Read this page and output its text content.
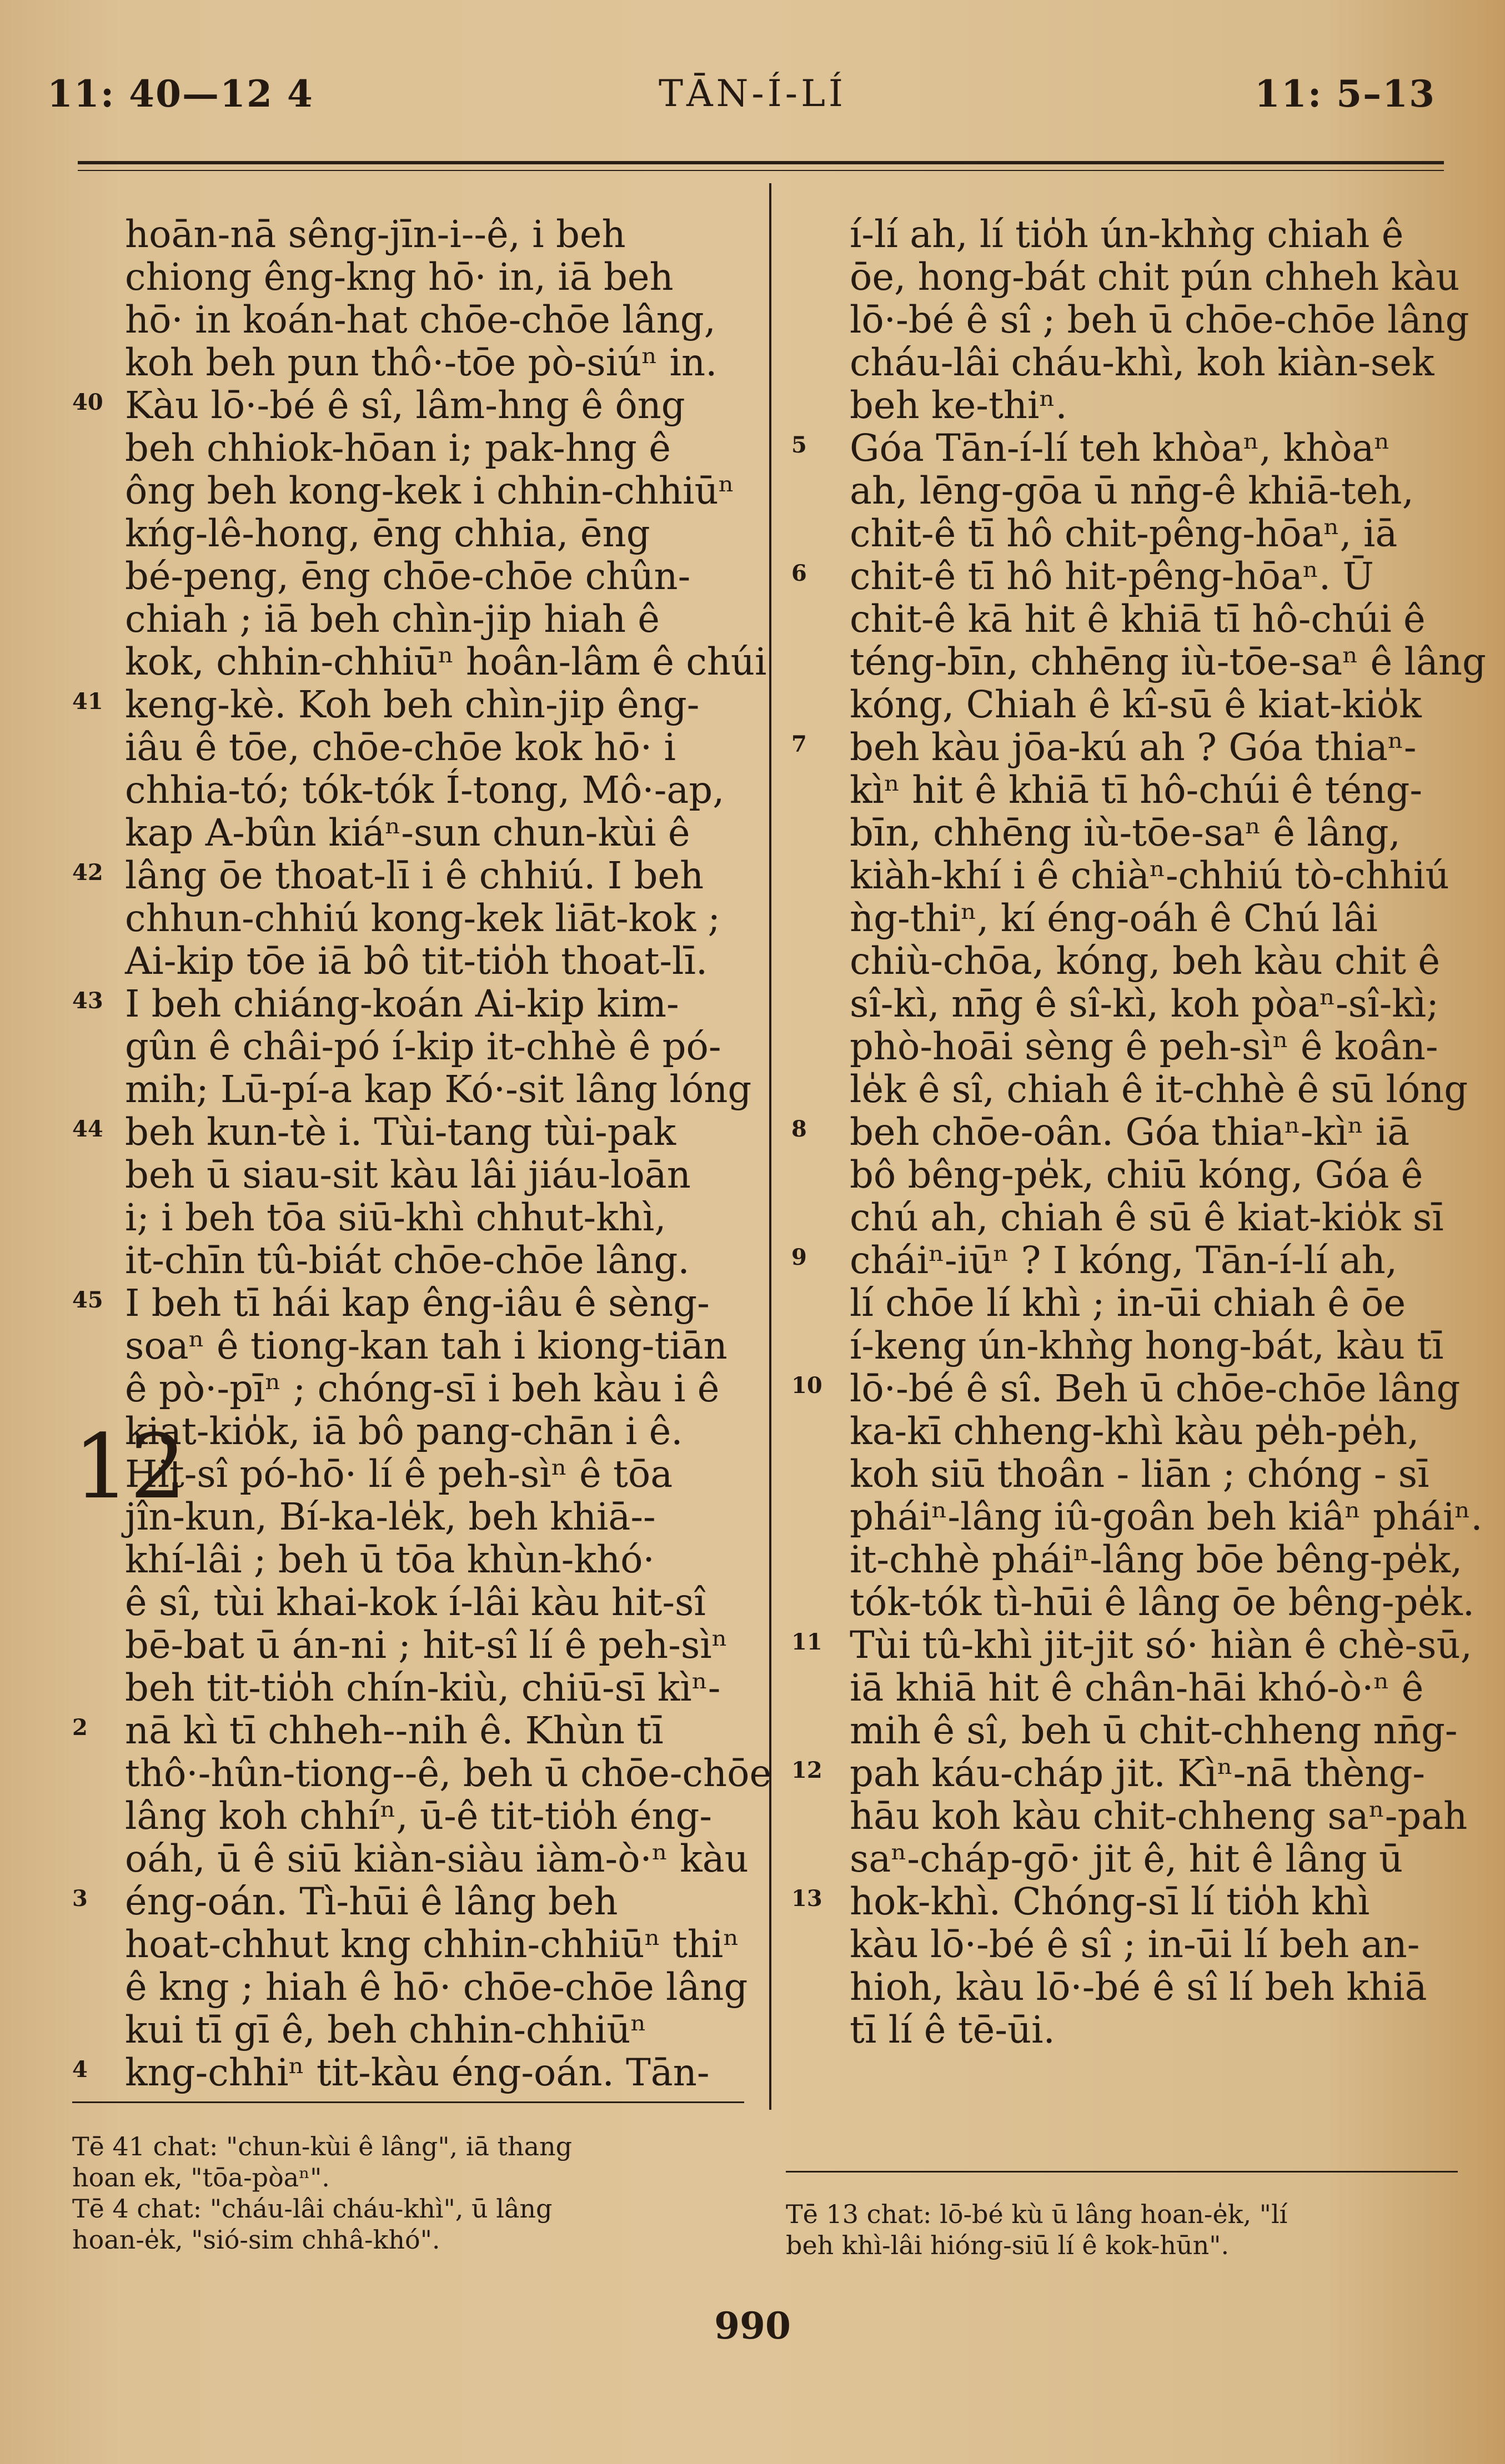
11: 40—12 4	TĀN-Í-LÍ	11: 5–13
hoān-nā sêng-jīn-i--ê, i beh
chiong êng-kng hō· in, iā beh
hō· in koán-hat chōe-chōe lâng,
koh beh pun thô·-tōe pò-siúⁿ in.
40 Kàu lō·-bé ê sî, lâm-hng ê ông
beh chhiok-hōan i; pak-hng ê
ông beh kong-kek i chhin-chhiūⁿ
kńg-lê-hong, ēng chhia, ēng
bé-peng, ēng chōe-chōe chûn-
chiah ; iā beh chìn-jip hiah ê
kok, chhin-chhiūⁿ hoân-lâm ê chúi
41 keng-kè. Koh beh chìn-jip êng-
iâu ê tōe, chōe-chōe kok hō· i
chhia-tó; tók-tók Í-tong, Mô·-ap,
kap A-bûn kiáⁿ-sun chun-kùi ê
42 lâng ōe thoat-lī i ê chhiú. I beh
chhun-chhiú kong-kek liāt-kok ;
Ai-kip tōe iā bô tit-tio̍h thoat-lī.
43 I beh chiáng-koán Ai-kip kim-
gûn ê châi-pó í-kip it-chhè ê pó-
mih; Lū-pí-a kap Kó·-sit lâng lóng
44 beh kun-tè i. Tùi-tang tùi-pak
beh ū siau-sit kàu lâi jiáu-loān
i; i beh tōa siū-khì chhut-khì,
it-chīn tû-biát chōe-chōe lâng.
45 I beh tī hái kap êng-iâu ê sèng-
soaⁿ ê tiong-kan tah i kiong-tiān
ê pò·-pīⁿ ; chóng-sī i beh kàu i ê
kiat-kio̍k, iā bô pang-chān i ê.
Hit-sî pó-hō· lí ê peh-sìⁿ ê tōa
jîn-kun, Bí-ka-le̍k, beh khiā--
khí-lâi ; beh ū tōa khùn-khó·
ê sî, tùi khai-kok í-lâi kàu hit-sî
bē-bat ū án-ni ; hit-sî lí ê peh-sìⁿ
beh tit-tio̍h chín-kiù, chiū-sī kìⁿ-
2 nā kì tī chheh--nih ê. Khùn tī
thô·-hûn-tiong--ê, beh ū chōe-chōe
lâng koh chhíⁿ, ū-ê tit-tio̍h éng-
oáh, ū ê siū kiàn-siàu iàm-ò·ⁿ kàu
3 éng-oán. Tì-hūi ê lâng beh
hoat-chhut kng chhin-chhiūⁿ thiⁿ
ê kng ; hiah ê hō· chōe-chōe lâng
kui tī gī ê, beh chhin-chhiūⁿ
4 kng-chhiⁿ tit-kàu éng-oán. Tān-
12
í-lí ah, lí tio̍h ún-khǹg chiah ê
ōe, hong-bát chit pún chheh kàu
lō·-bé ê sî ; beh ū chōe-chōe lâng
cháu-lâi cháu-khì, koh kiàn-sek
beh ke-thiⁿ.
5 Góa Tān-í-lí teh khòaⁿ, khòaⁿ
ah, lēng-gōa ū nn̄g-ê khiā-teh,
chit-ê tī hô chit-pêng-hōaⁿ, iā
6 chit-ê tī hô hit-pêng-hōaⁿ. Ū
chit-ê kā hit ê khiā tī hô-chúi ê
téng-bīn, chhēng iù-tōe-saⁿ ê lâng
kóng, Chiah ê kî-sū ê kiat-kio̍k
7 beh kàu jōa-kú ah ? Góa thiaⁿ-
kìⁿ hit ê khiā tī hô-chúi ê téng-
bīn, chhēng iù-tōe-saⁿ ê lâng,
kiàh-khí i ê chiàⁿ-chhiú tò-chhiú
ǹg-thiⁿ, kí éng-oáh ê Chú lâi
chiù-chōa, kóng, beh kàu chit ê
sî-kì, nn̄g ê sî-kì, koh pòaⁿ-sî-kì;
phò-hoāi sèng ê peh-sìⁿ ê koân-
le̍k ê sî, chiah ê it-chhè ê sū lóng
8 beh chōe-oân. Góa thiaⁿ-kìⁿ iā
bô bêng-pe̍k, chiū kóng, Góa ê
chú ah, chiah ê sū ê kiat-kio̍k sī
9 cháiⁿ-iūⁿ ? I kóng, Tān-í-lí ah,
lí chōe lí khì ; in-ūi chiah ê ōe
í-keng ún-khǹg hong-bát, kàu tī
10 lō·-bé ê sî. Beh ū chōe-chōe lâng
ka-kī chheng-khì kàu pe̍h-pe̍h,
koh siū thoân - liān ; chóng - sī
pháiⁿ-lâng iû-goân beh kiâⁿ pháiⁿ.
it-chhè pháiⁿ-lâng bōe bêng-pe̍k,
tók-tók tì-hūi ê lâng ōe bêng-pe̍k.
11 Tùi tû-khì jit-jit só· hiàn ê chè-sū,
iā khiā hit ê chân-hāi khó-ò·ⁿ ê
mih ê sî, beh ū chit-chheng nn̄g-
12 pah káu-cháp jit. Kìⁿ-nā thèng-
hāu koh kàu chit-chheng saⁿ-pah
saⁿ-cháp-gō· jit ê, hit ê lâng ū
13 hok-khì. Chóng-sī lí tio̍h khì
kàu lō·-bé ê sî ; in-ūi lí beh an-
hioh, kàu lō·-bé ê sî lí beh khiā
tī lí ê tē-ūi.
Tē 41 chat: "chun-kùi ê lâng", iā thang
hoan ek, "tōa-pòaⁿ".
Tē 4 chat: "cháu-lâi cháu-khì", ū lâng
hoan-e̍k, "sió-sim chhâ-khó".
Tē 13 chat: lō-bé kù ū lâng hoan-e̍k, "lí
beh khì-lâi hióng-siū lí ê kok-hūn".
990
